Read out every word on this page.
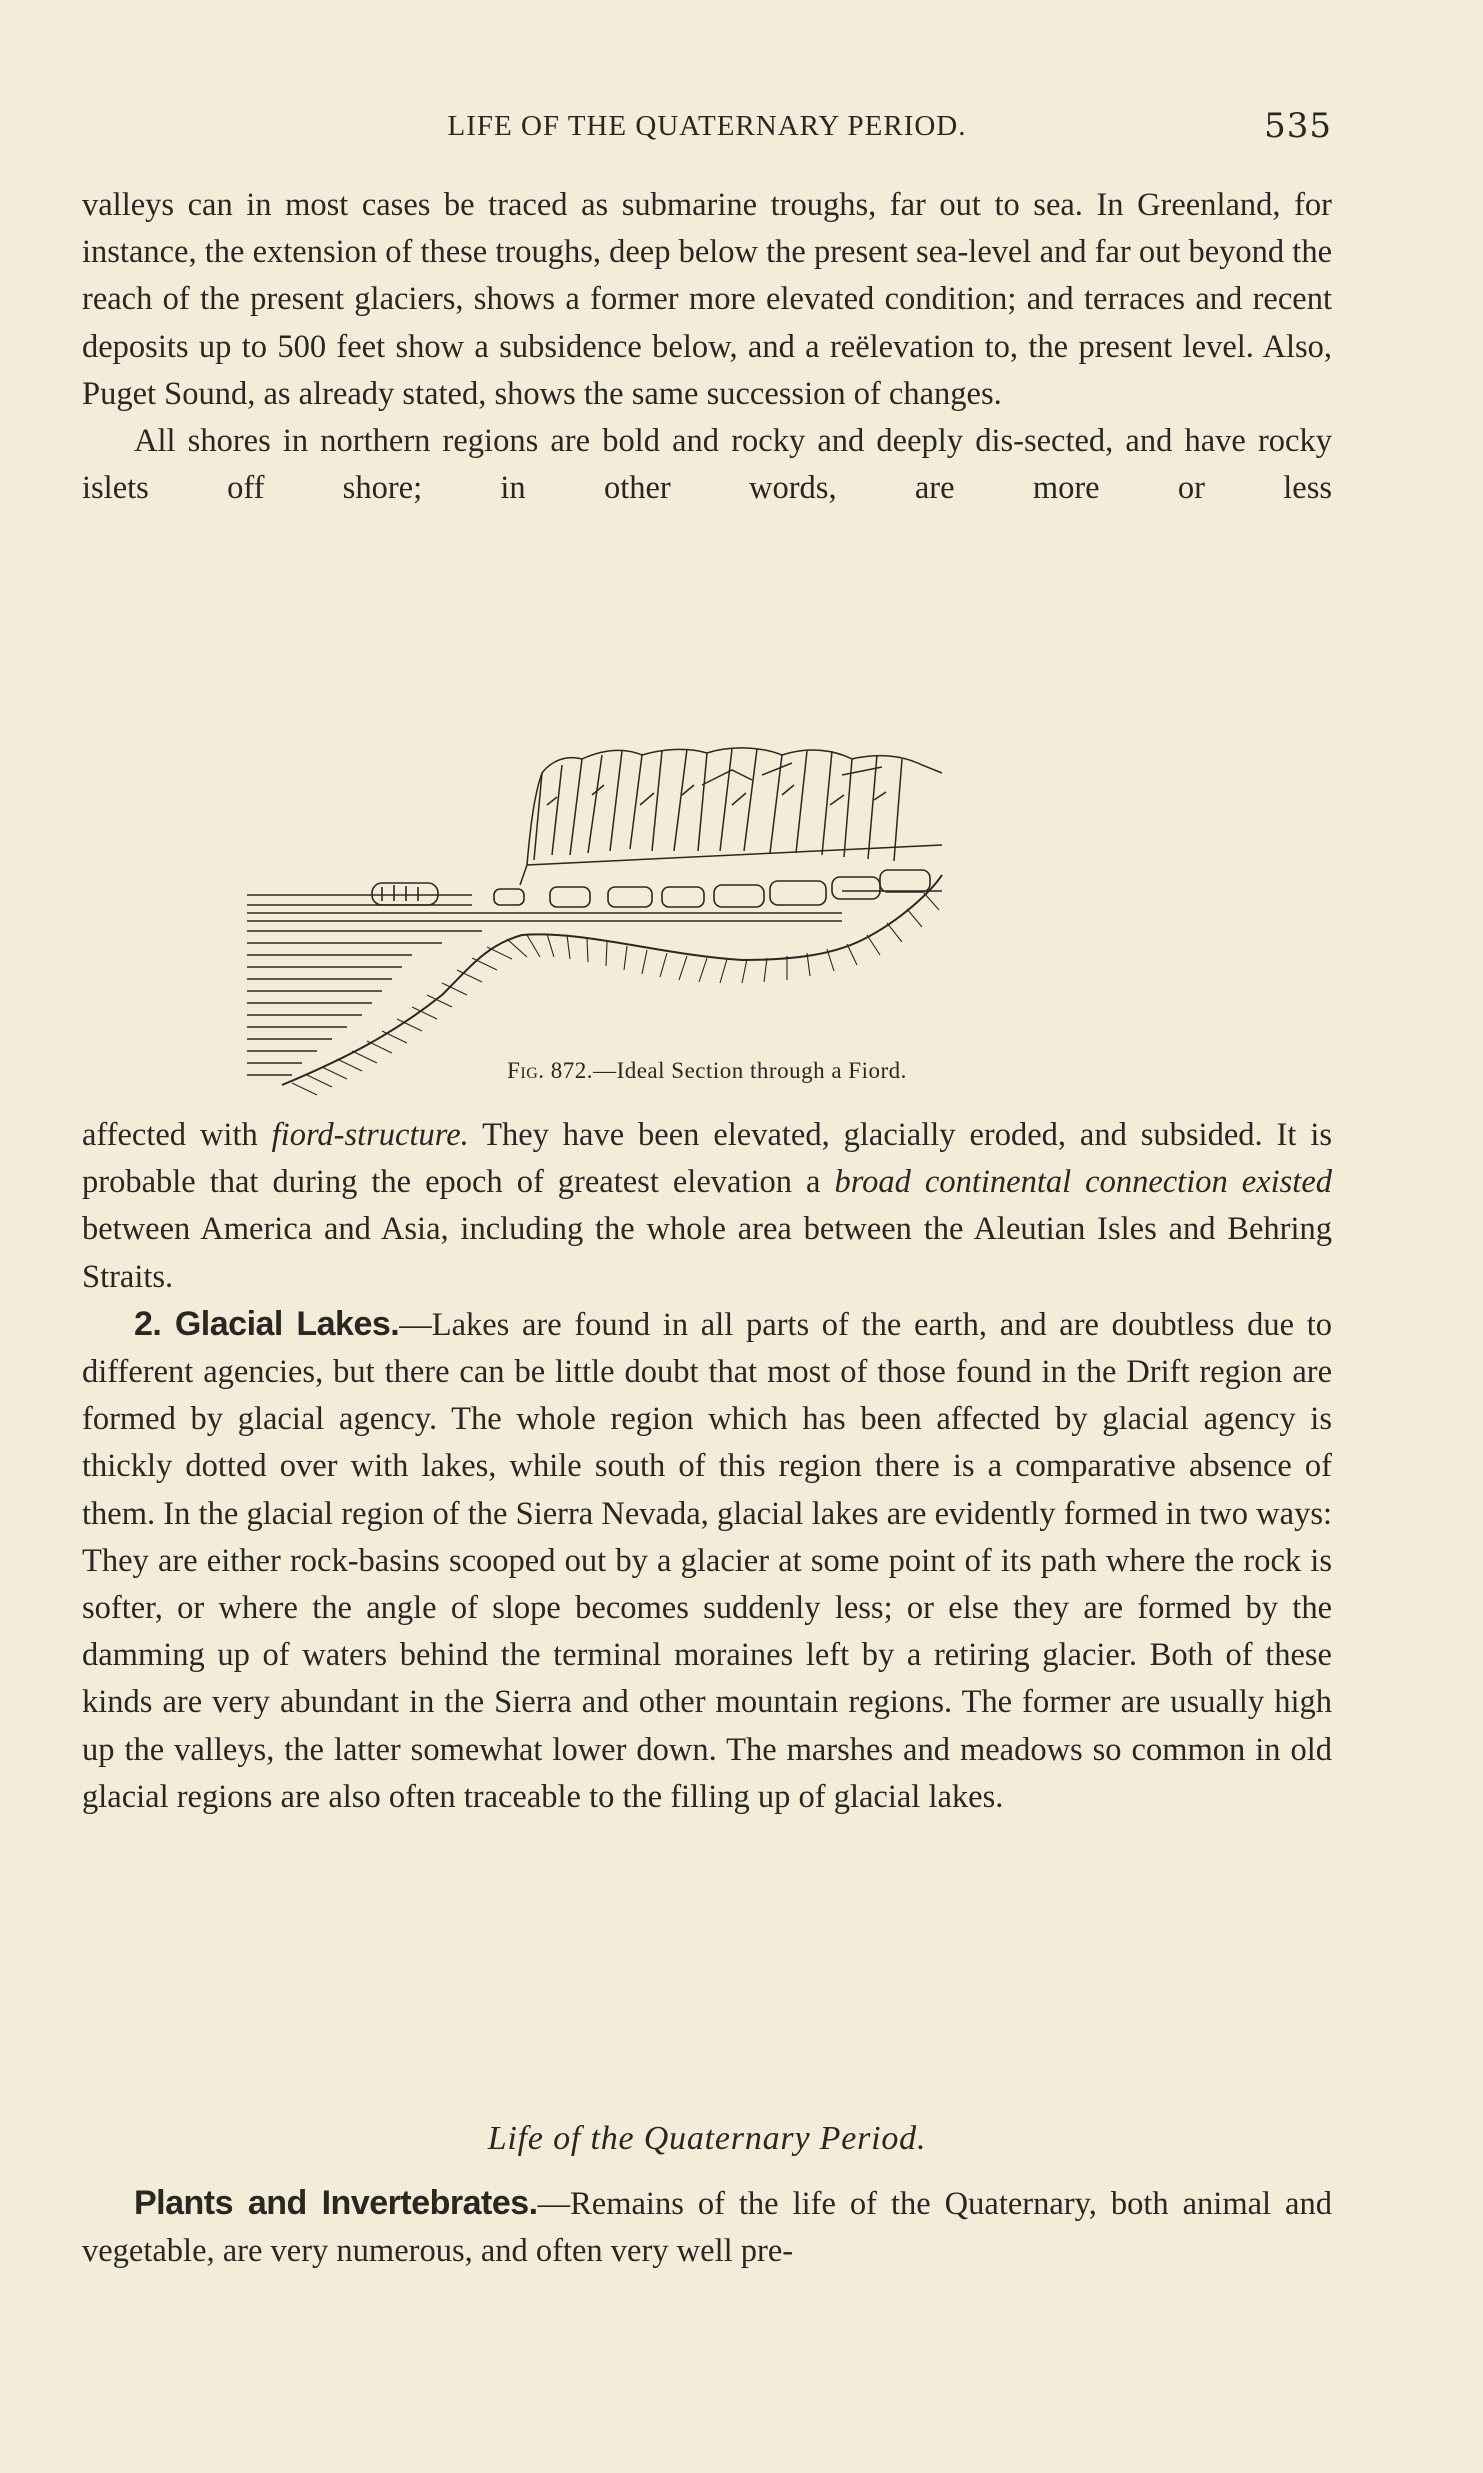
LIFE OF THE QUATERNARY PERIOD.	535

valleys can in most cases be traced as submarine troughs, far out to sea. In Greenland, for instance, the extension of these troughs, deep below the present sea-level and far out beyond the reach of the present glaciers, shows a former more elevated condition; and terraces and recent deposits up to 500 feet show a subsidence below, and a reëlevation to, the present level. Also, Puget Sound, as already stated, shows the same succession of changes.

All shores in northern regions are bold and rocky and deeply dis-sected, and have rocky islets off shore; in other words, are more or less

Fig. 872.—Ideal Section through a Fiord.

affected with fiord-structure. They have been elevated, glacially eroded, and subsided. It is probable that during the epoch of greatest elevation a broad continental connection existed between America and Asia, including the whole area between the Aleutian Isles and Behring Straits.

2. Glacial Lakes.—Lakes are found in all parts of the earth, and are doubtless due to different agencies, but there can be little doubt that most of those found in the Drift region are formed by glacial agency. The whole region which has been affected by glacial agency is thickly dotted over with lakes, while south of this region there is a comparative absence of them. In the glacial region of the Sierra Nevada, glacial lakes are evidently formed in two ways: They are either rock-basins scooped out by a glacier at some point of its path where the rock is softer, or where the angle of slope becomes suddenly less; or else they are formed by the damming up of waters behind the terminal moraines left by a retiring glacier. Both of these kinds are very abundant in the Sierra and other mountain regions. The former are usually high up the valleys, the latter somewhat lower down. The marshes and meadows so common in old glacial regions are also often traceable to the filling up of glacial lakes.

Life of the Quaternary Period.

Plants and Invertebrates.—Remains of the life of the Quaternary, both animal and vegetable, are very numerous, and often very well pre-
